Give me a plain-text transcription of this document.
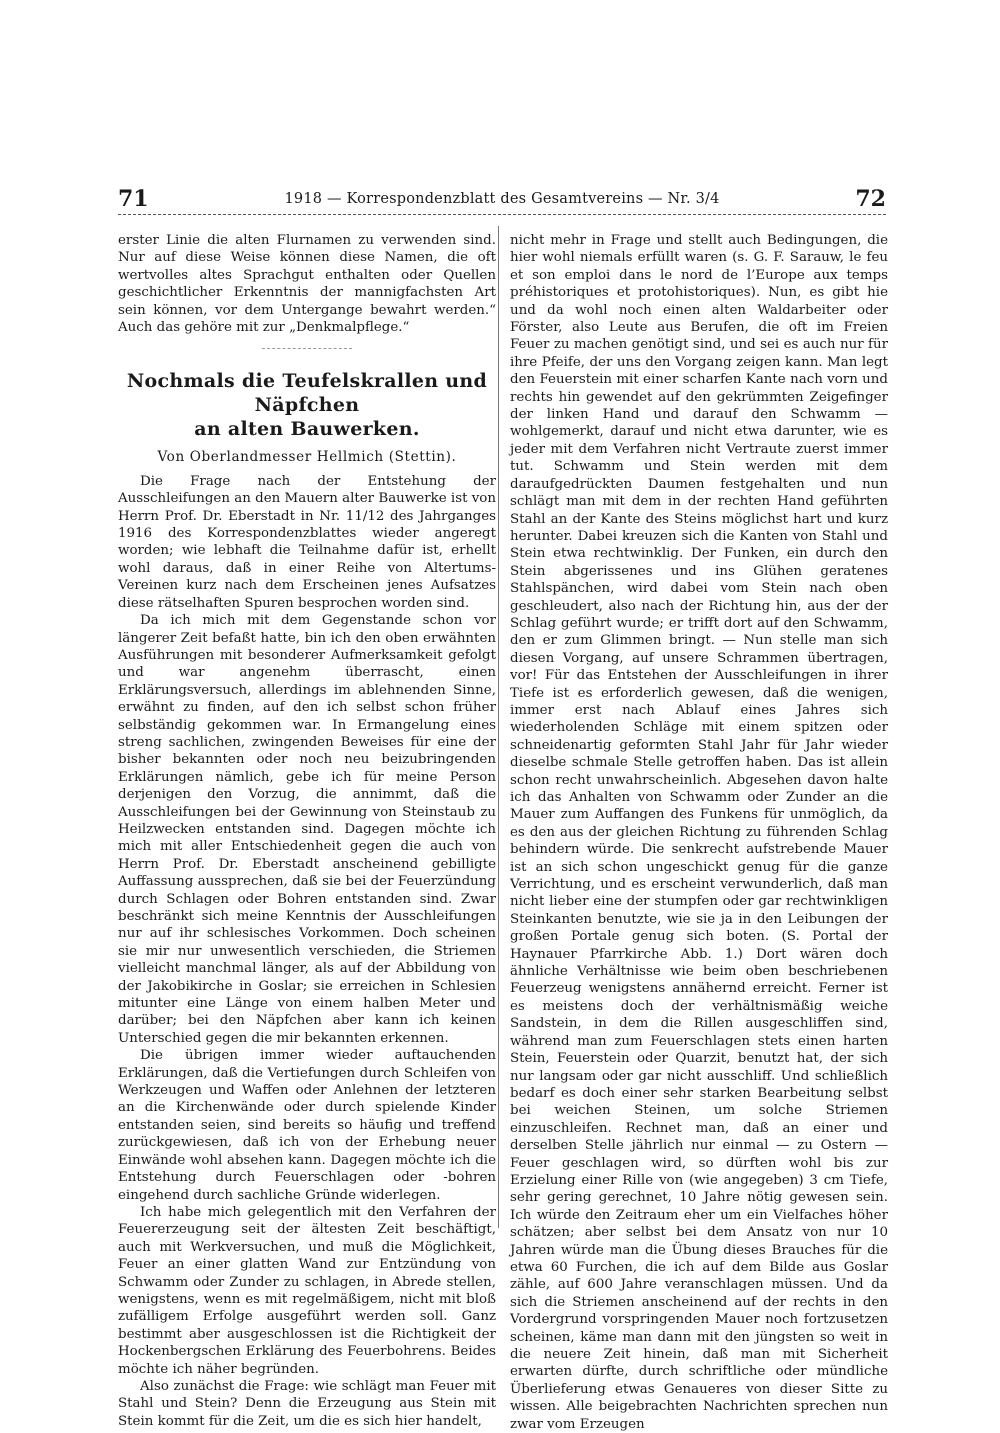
71	1918 — Korrespondenzblatt des Gesamtvereins — Nr. 3/4	72

erster Linie die alten Flurnamen zu verwenden sind. Nur auf diese Weise können diese Namen, die oft wertvolles altes Sprachgut enthalten oder Quellen geschichtlicher Erkenntnis der mannigfachsten Art sein können, vor dem Untergange bewahrt werden.“ Auch das gehöre mit zur „Denkmalpflege.“

Nochmals die Teufelskrallen und Näpfchen
an alten Bauwerken.
Von Oberlandmesser Hellmich (Stettin).

Die Frage nach der Entstehung der Ausschleifungen an den Mauern alter Bauwerke ist von Herrn Prof. Dr. Eberstadt in Nr. 11/12 des Jahrganges 1916 des Korrespondenzblattes wieder angeregt worden; wie lebhaft die Teilnahme dafür ist, erhellt wohl daraus, daß in einer Reihe von Altertums-Vereinen kurz nach dem Erscheinen jenes Aufsatzes diese rätselhaften Spuren besprochen worden sind.

Da ich mich mit dem Gegenstande schon vor längerer Zeit befaßt hatte, bin ich den oben erwähnten Ausführungen mit besonderer Aufmerksamkeit gefolgt und war angenehm überrascht, einen Erklärungsversuch, allerdings im ablehnenden Sinne, erwähnt zu finden, auf den ich selbst schon früher selbständig gekommen war. In Ermangelung eines streng sachlichen, zwingenden Beweises für eine der bisher bekannten oder noch neu beizubringenden Erklärungen nämlich, gebe ich für meine Person derjenigen den Vorzug, die annimmt, daß die Ausschleifungen bei der Gewinnung von Steinstaub zu Heilzwecken entstanden sind. Dagegen möchte ich mich mit aller Entschiedenheit gegen die auch von Herrn Prof. Dr. Eberstadt anscheinend gebilligte Auffassung aussprechen, daß sie bei der Feuerzündung durch Schlagen oder Bohren entstanden sind. Zwar beschränkt sich meine Kenntnis der Ausschleifungen nur auf ihr schlesisches Vorkommen. Doch scheinen sie mir nur unwesentlich verschieden, die Striemen vielleicht manchmal länger, als auf der Abbildung von der Jakobikirche in Goslar; sie erreichen in Schlesien mitunter eine Länge von einem halben Meter und darüber; bei den Näpfchen aber kann ich keinen Unterschied gegen die mir bekannten erkennen.

Die übrigen immer wieder auftauchenden Erklärungen, daß die Vertiefungen durch Schleifen von Werkzeugen und Waffen oder Anlehnen der letzteren an die Kirchenwände oder durch spielende Kinder entstanden seien, sind bereits so häufig und treffend zurückgewiesen, daß ich von der Erhebung neuer Einwände wohl absehen kann. Dagegen möchte ich die Entstehung durch Feuerschlagen oder -bohren eingehend durch sachliche Gründe widerlegen.

Ich habe mich gelegentlich mit den Verfahren der Feuererzeugung seit der ältesten Zeit beschäftigt, auch mit Werkversuchen, und muß die Möglichkeit, Feuer an einer glatten Wand zur Entzündung von Schwamm oder Zunder zu schlagen, in Abrede stellen, wenigstens, wenn es mit regelmäßigem, nicht mit bloß zufälligem Erfolge ausgeführt werden soll. Ganz bestimmt aber ausgeschlossen ist die Richtigkeit der Hockenbergschen Erklärung des Feuerbohrens. Beides möchte ich näher begründen.

Also zunächst die Frage: wie schlägt man Feuer mit Stahl und Stein? Denn die Erzeugung aus Stein mit Stein kommt für die Zeit, um die es sich hier handelt,

nicht mehr in Frage und stellt auch Bedingungen, die hier wohl niemals erfüllt waren (s. G. F. Sarauw, le feu et son emploi dans le nord de l’Europe aux temps préhistoriques et protohistoriques). Nun, es gibt hie und da wohl noch einen alten Waldarbeiter oder Förster, also Leute aus Berufen, die oft im Freien Feuer zu machen genötigt sind, und sei es auch nur für ihre Pfeife, der uns den Vorgang zeigen kann. Man legt den Feuerstein mit einer scharfen Kante nach vorn und rechts hin gewendet auf den gekrümmten Zeigefinger der linken Hand und darauf den Schwamm — wohlgemerkt, darauf und nicht etwa darunter, wie es jeder mit dem Verfahren nicht Vertraute zuerst immer tut. Schwamm und Stein werden mit dem daraufgedrückten Daumen festgehalten und nun schlägt man mit dem in der rechten Hand geführten Stahl an der Kante des Steins möglichst hart und kurz herunter. Dabei kreuzen sich die Kanten von Stahl und Stein etwa rechtwinklig. Der Funken, ein durch den Stein abgerissenes und ins Glühen geratenes Stahlspänchen, wird dabei vom Stein nach oben geschleudert, also nach der Richtung hin, aus der der Schlag geführt wurde; er trifft dort auf den Schwamm, den er zum Glimmen bringt. — Nun stelle man sich diesen Vorgang, auf unsere Schrammen übertragen, vor! Für das Entstehen der Ausschleifungen in ihrer Tiefe ist es erforderlich gewesen, daß die wenigen, immer erst nach Ablauf eines Jahres sich wiederholenden Schläge mit einem spitzen oder schneidenartig geformten Stahl Jahr für Jahr wieder dieselbe schmale Stelle getroffen haben. Das ist allein schon recht unwahrscheinlich. Abgesehen davon halte ich das Anhalten von Schwamm oder Zunder an die Mauer zum Auffangen des Funkens für unmöglich, da es den aus der gleichen Richtung zu führenden Schlag behindern würde. Die senkrecht aufstrebende Mauer ist an sich schon ungeschickt genug für die ganze Verrichtung, und es erscheint verwunderlich, daß man nicht lieber eine der stumpfen oder gar rechtwinkligen Steinkanten benutzte, wie sie ja in den Leibungen der großen Portale genug sich boten. (S. Portal der Haynauer Pfarrkirche Abb. 1.) Dort wären doch ähnliche Verhältnisse wie beim oben beschriebenen Feuerzeug wenigstens annähernd erreicht. Ferner ist es meistens doch der verhältnismäßig weiche Sandstein, in dem die Rillen ausgeschliffen sind, während man zum Feuerschlagen stets einen harten Stein, Feuerstein oder Quarzit, benutzt hat, der sich nur langsam oder gar nicht ausschliff. Und schließlich bedarf es doch einer sehr starken Bearbeitung selbst bei weichen Steinen, um solche Striemen einzuschleifen. Rechnet man, daß an einer und derselben Stelle jährlich nur einmal — zu Ostern — Feuer geschlagen wird, so dürften wohl bis zur Erzielung einer Rille von (wie angegeben) 3 cm Tiefe, sehr gering gerechnet, 10 Jahre nötig gewesen sein. Ich würde den Zeitraum eher um ein Vielfaches höher schätzen; aber selbst bei dem Ansatz von nur 10 Jahren würde man die Übung dieses Brauches für die etwa 60 Furchen, die ich auf dem Bilde aus Goslar zähle, auf 600 Jahre veranschlagen müssen. Und da sich die Striemen anscheinend auf der rechts in den Vordergrund vorspringenden Mauer noch fortzusetzen scheinen, käme man dann mit den jüngsten so weit in die neuere Zeit hinein, daß man mit Sicherheit erwarten dürfte, durch schriftliche oder mündliche Überlieferung etwas Genaueres von dieser Sitte zu wissen. Alle beigebrachten Nachrichten sprechen nun zwar vom Erzeugen
